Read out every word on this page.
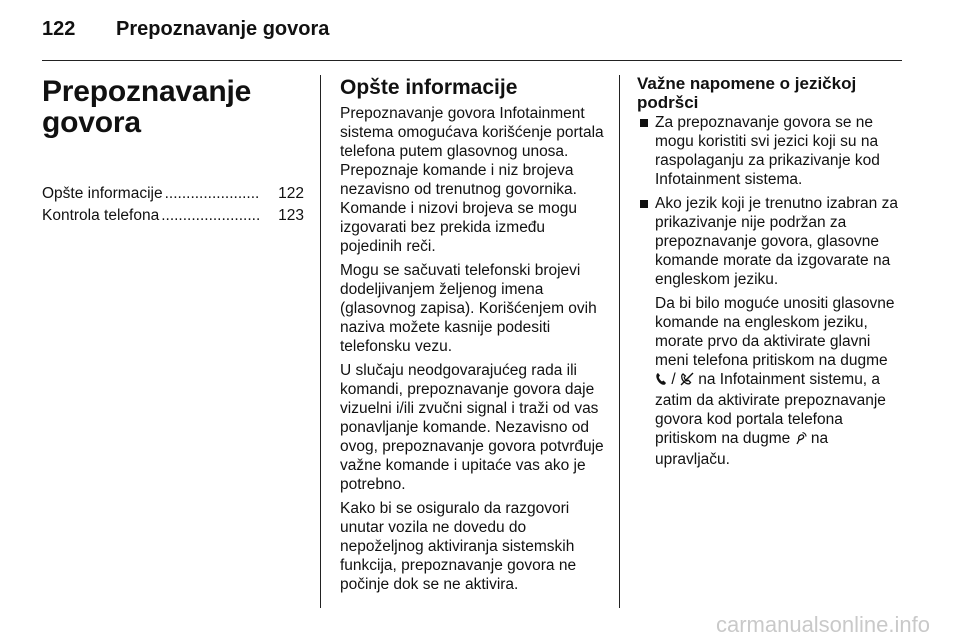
122 Prepoznavanje govora
Prepoznavanje govora
Opšte informacije ......................	122
Kontrola telefona .......................	123
Opšte informacije

Prepoznavanje govora Infotainment sistema omogućava korišćenje portala telefona putem glasovnog unosa. Prepoznaje komande i niz brojeva nezavisno od trenutnog govornika. Komande i nizovi brojeva se mogu izgovarati bez prekida između pojedinih reči.

Mogu se sačuvati telefonski brojevi dodeljivanjem željenog imena (glasovnog zapisa). Korišćenjem ovih naziva možete kasnije podesiti telefonsku vezu.

U slučaju neodgovarajućeg rada ili komandi, prepoznavanje govora daje vizuelni i/ili zvučni signal i traži od vas ponavljanje komande. Nezavisno od ovog, prepoznavanje govora potvrđuje važne komande i upitaće vas ako je potrebno.

Kako bi se osiguralo da razgovori unutar vozila ne dovedu do nepoželjnog aktiviranja sistemskih funkcija, prepoznavanje govora ne počinje dok se ne aktivira.

Važne napomene o jezičkoj podršci
Za prepoznavanje govora se ne mogu koristiti svi jezici koji su na raspolaganju za prikazivanje kod Infotainment sistema.
Ako jezik koji je trenutno izabran za prikazivanje nije podržan za prepoznavanje govora, glasovne komande morate da izgovarate na engleskom jeziku.
Da bi bilo moguće unositi glasovne komande na engleskom jeziku, morate prvo da aktivirate glavni meni telefona pritiskom na dugme  / na Infotainment sistemu, a zatim da aktivirate prepoznavanje govora kod portala telefona pritiskom na dugme na upravljaču.
carmanualsonline.info
